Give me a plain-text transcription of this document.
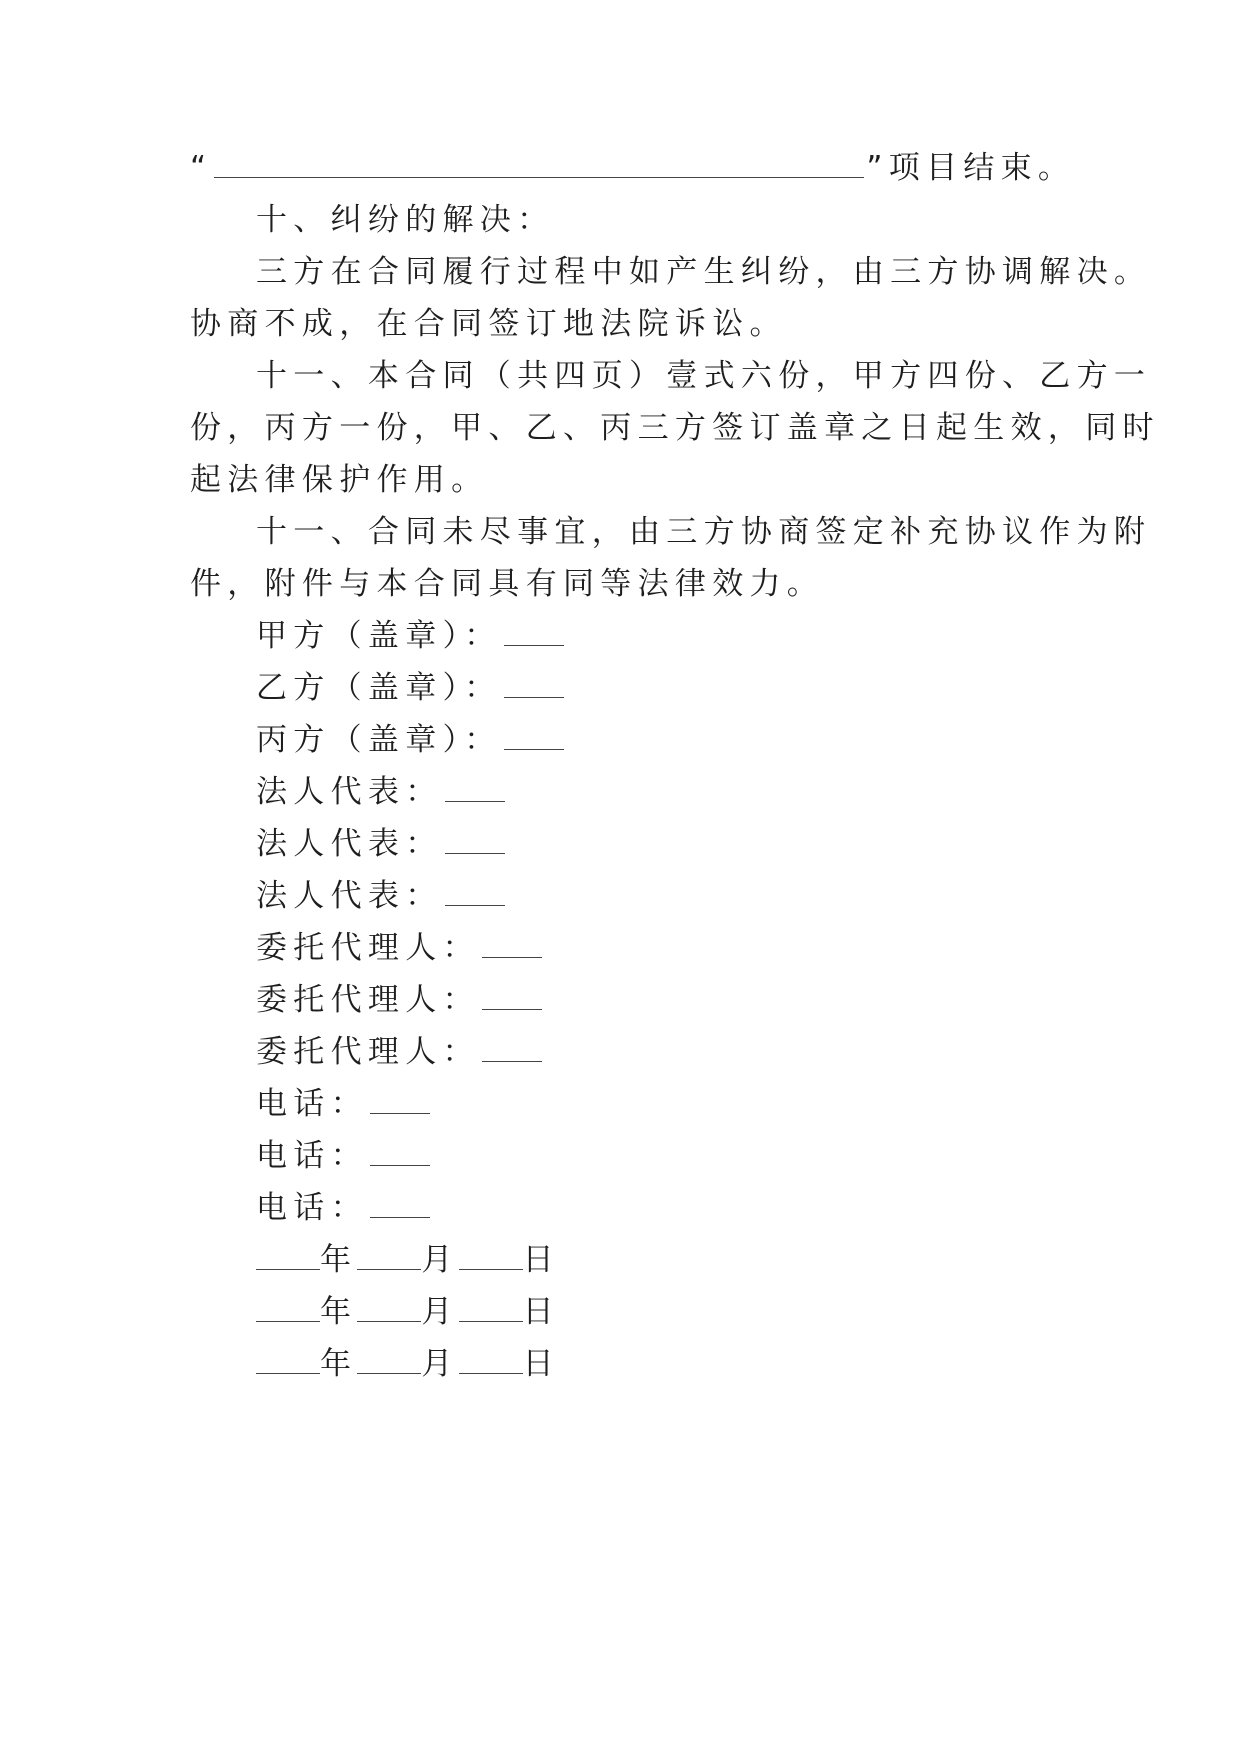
“	”项目结束。
十、纠纷的解决：
三方在合同履行过程中如产生纠纷，由三方协调解决。
协商不成，在合同签订地法院诉讼。
十一、本合同（共四页）壹式六份，甲方四份、乙方一
份，丙方一份，甲、乙、丙三方签订盖章之日起生效，同时
起法律保护作用。
十一、合同未尽事宜，由三方协商签定补充协议作为附
件，附件与本合同具有同等法律效力。
甲方（盖章）：
乙方（盖章）：
丙方（盖章）：
法人代表：
法人代表：
法人代表：
委托代理人：
委托代理人：
委托代理人：
电话：
电话：
电话：
年 月 日
年 月 日
年 月 日
